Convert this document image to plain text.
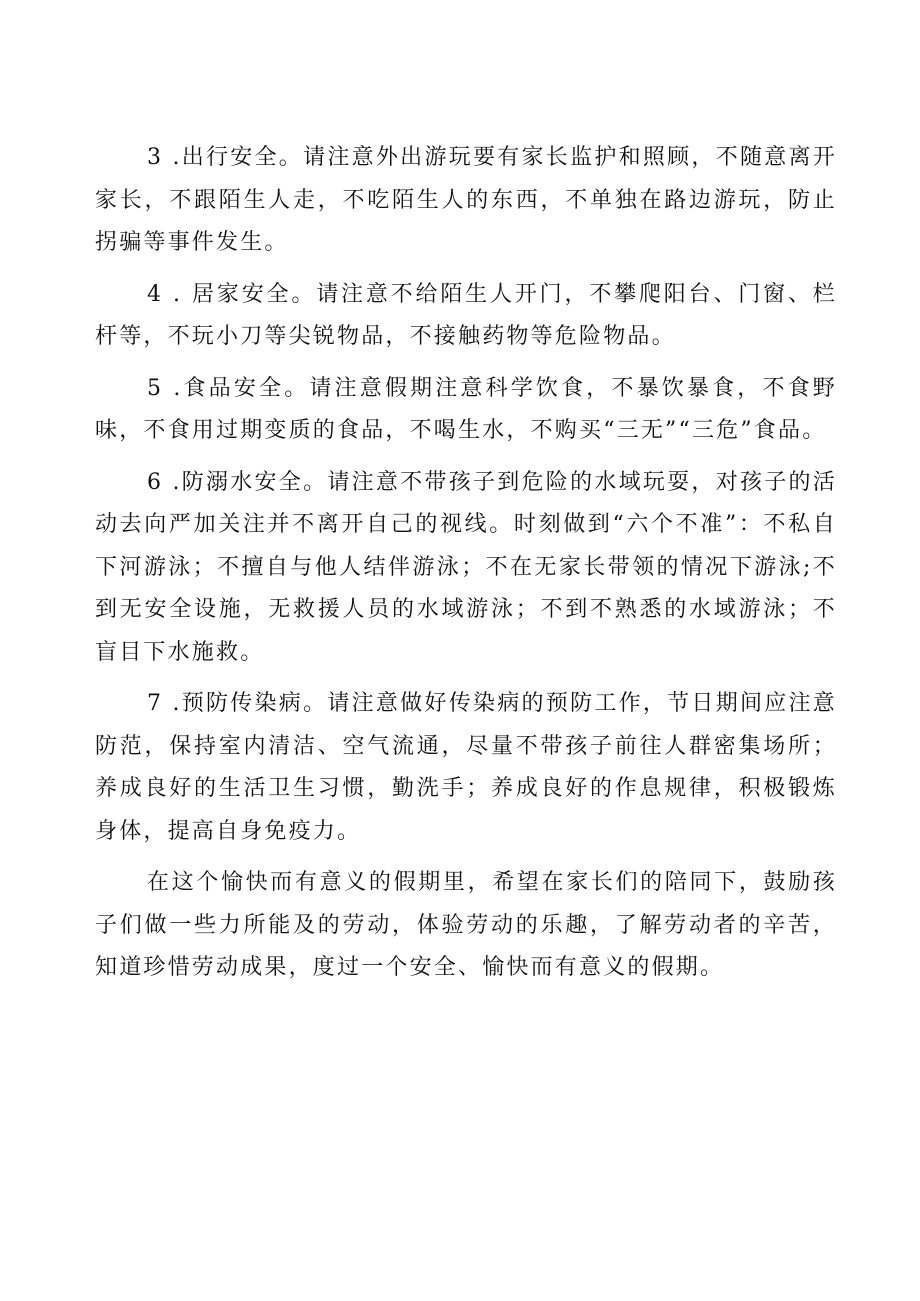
3 .出行安全。请注意外出游玩要有家长监护和照顾，不随意离开家长，不跟陌生人走，不吃陌生人的东西，不单独在路边游玩，防止拐骗等事件发生。

4 . 居家安全。请注意不给陌生人开门，不攀爬阳台、门窗、栏杆等，不玩小刀等尖锐物品，不接触药物等危险物品。

5 .食品安全。请注意假期注意科学饮食，不暴饮暴食，不食野味，不食用过期变质的食品，不喝生水，不购买“三无”“三危”食品。

6 .防溺水安全。请注意不带孩子到危险的水域玩耍，对孩子的活动去向严加关注并不离开自己的视线。时刻做到“六个不准”：不私自下河游泳；不擅自与他人结伴游泳；不在无家长带领的情况下游泳;不到无安全设施，无救援人员的水域游泳；不到不熟悉的水域游泳；不盲目下水施救。

7 .预防传染病。请注意做好传染病的预防工作，节日期间应注意防范，保持室内清洁、空气流通，尽量不带孩子前往人群密集场所；养成良好的生活卫生习惯，勤洗手；养成良好的作息规律，积极锻炼身体，提高自身免疫力。

在这个愉快而有意义的假期里，希望在家长们的陪同下，鼓励孩子们做一些力所能及的劳动，体验劳动的乐趣，了解劳动者的辛苦，知道珍惜劳动成果，度过一个安全、愉快而有意义的假期。
